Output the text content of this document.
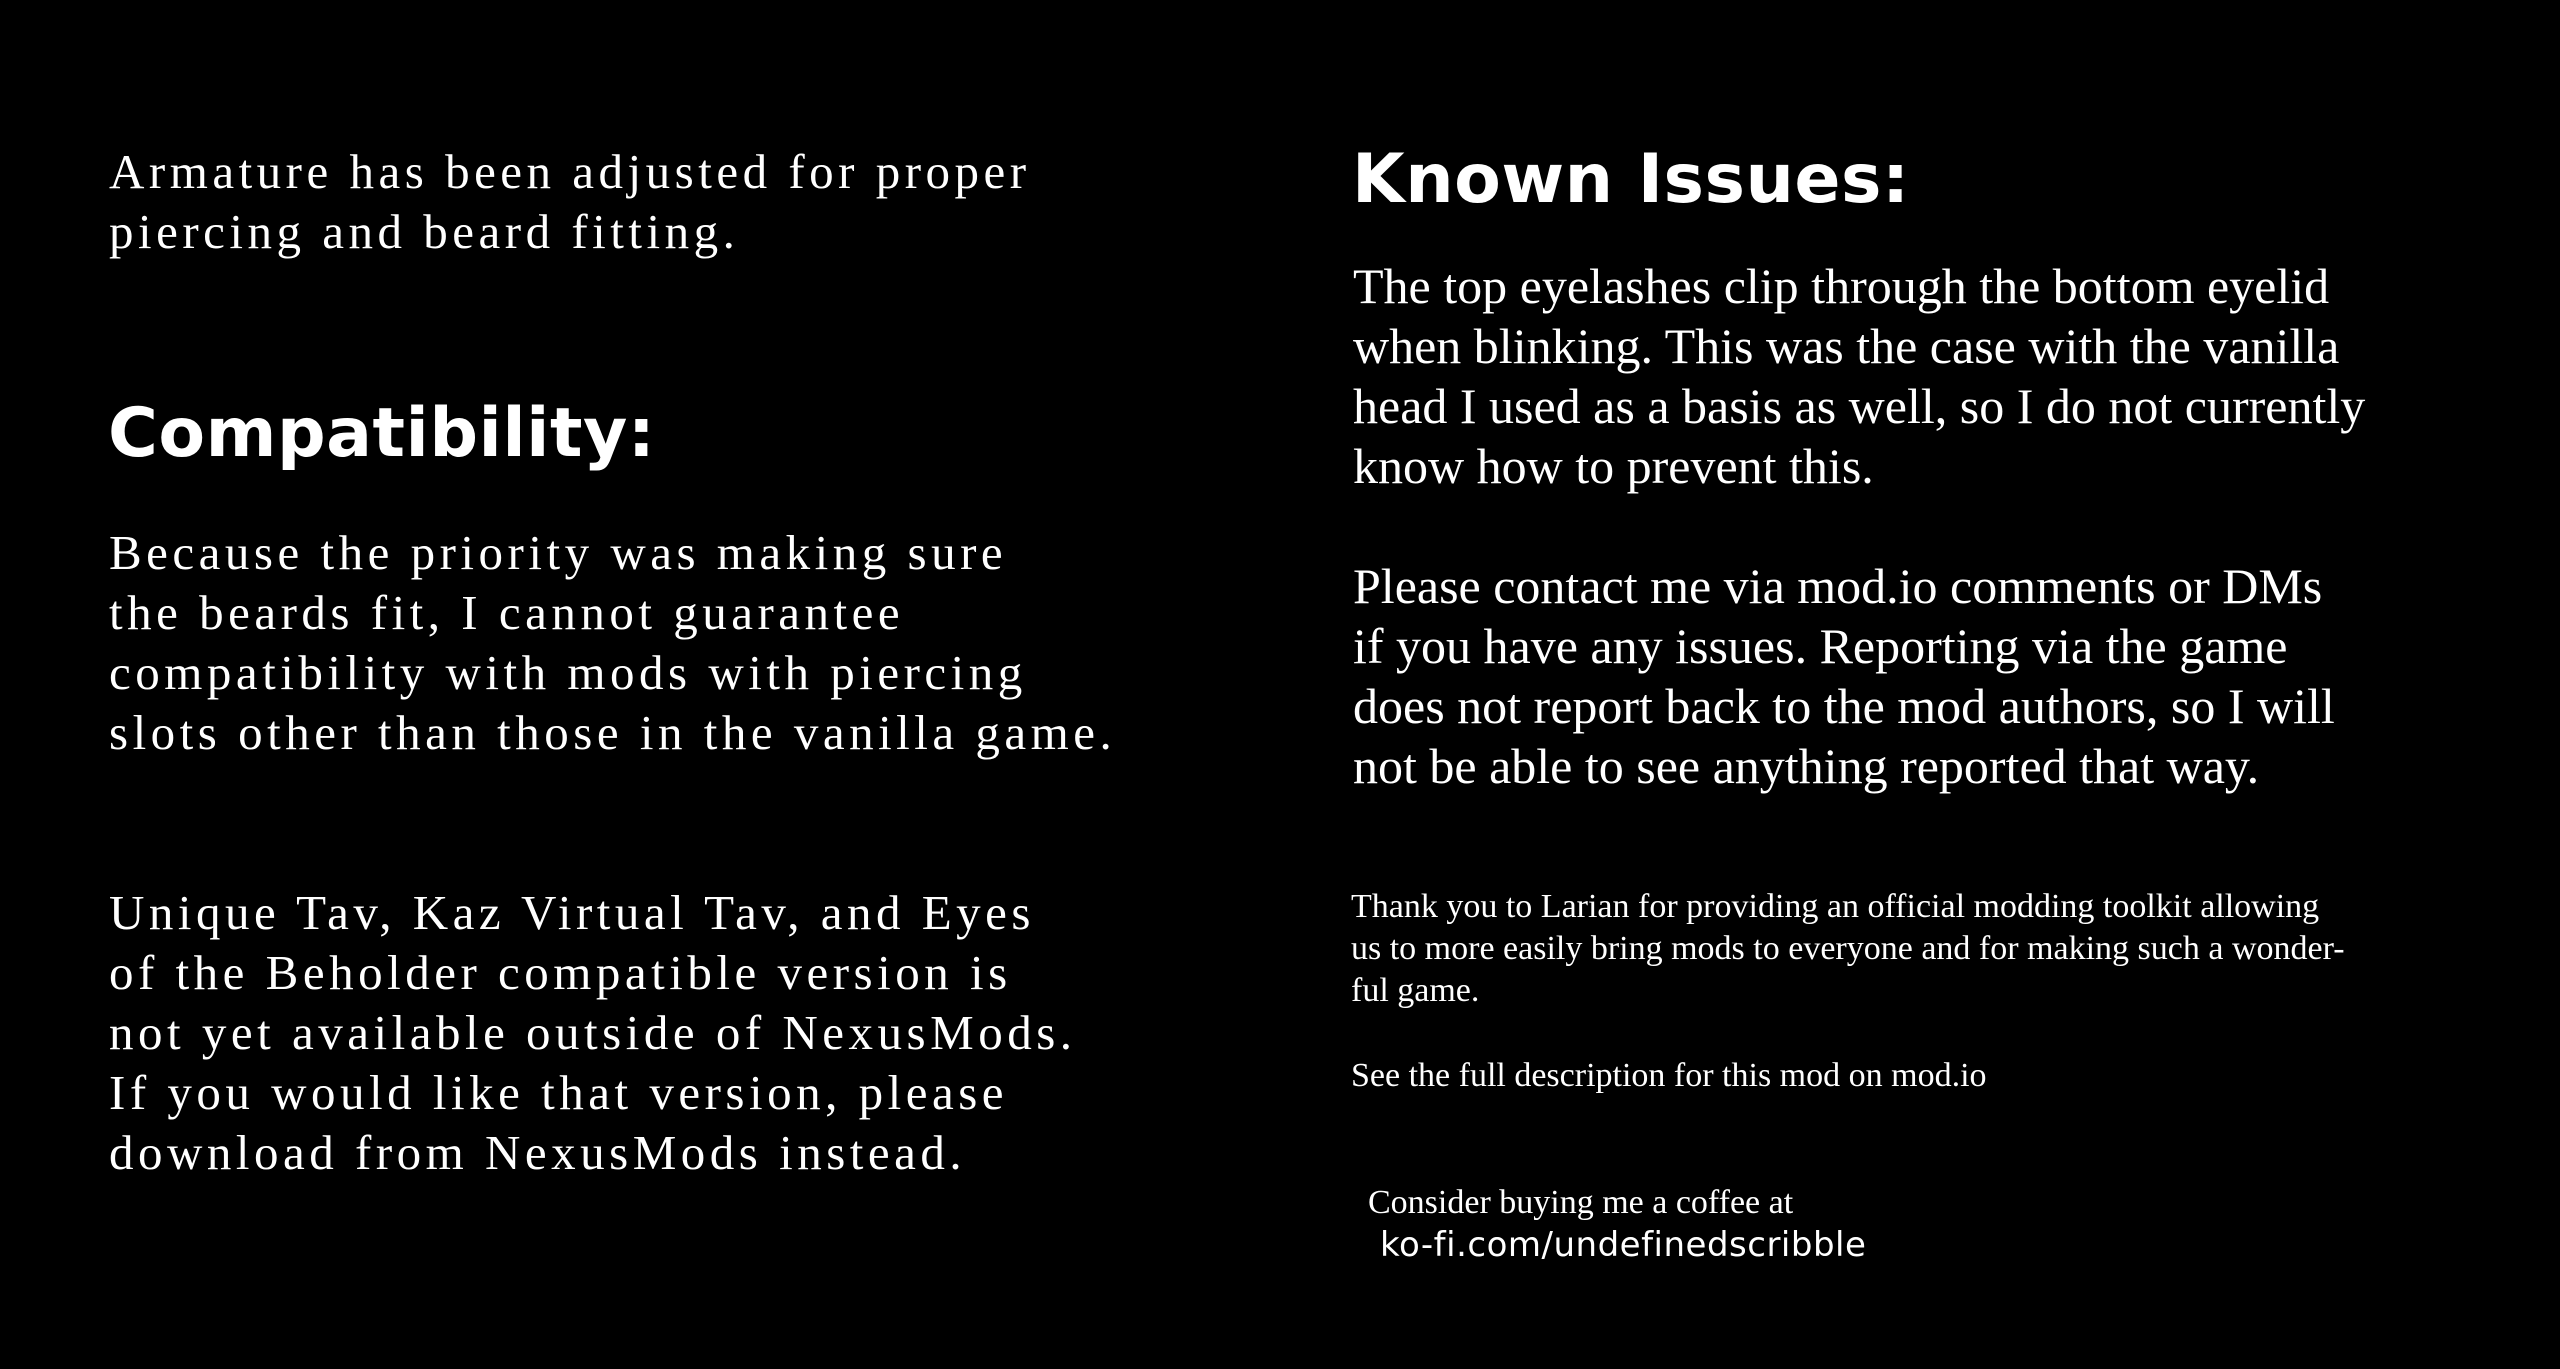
Armature has been adjusted for proper
piercing and beard fitting.

Compatibility:

Because the priority was making sure
the beards fit, I cannot guarantee
compatibility with mods with piercing
slots other than those in the vanilla game.

Unique Tav, Kaz Virtual Tav, and Eyes
of the Beholder compatible version is
not yet available outside of NexusMods.
If you would like that version, please
download from NexusMods instead.

Known Issues:

The top eyelashes clip through the bottom eyelid
when blinking. This was the case with the vanilla
head I used as a basis as well, so I do not currently
know how to prevent this.

Please contact me via mod.io comments or DMs
if you have any issues. Reporting via the game
does not report back to the mod authors, so I will
not be able to see anything reported that way.

Thank you to Larian for providing an official modding toolkit allowing
us to more easily bring mods to everyone and for making such a wonder-
ful game.

See the full description for this mod on mod.io

Consider buying me a coffee at
ko-fi.com/undefinedscribble
